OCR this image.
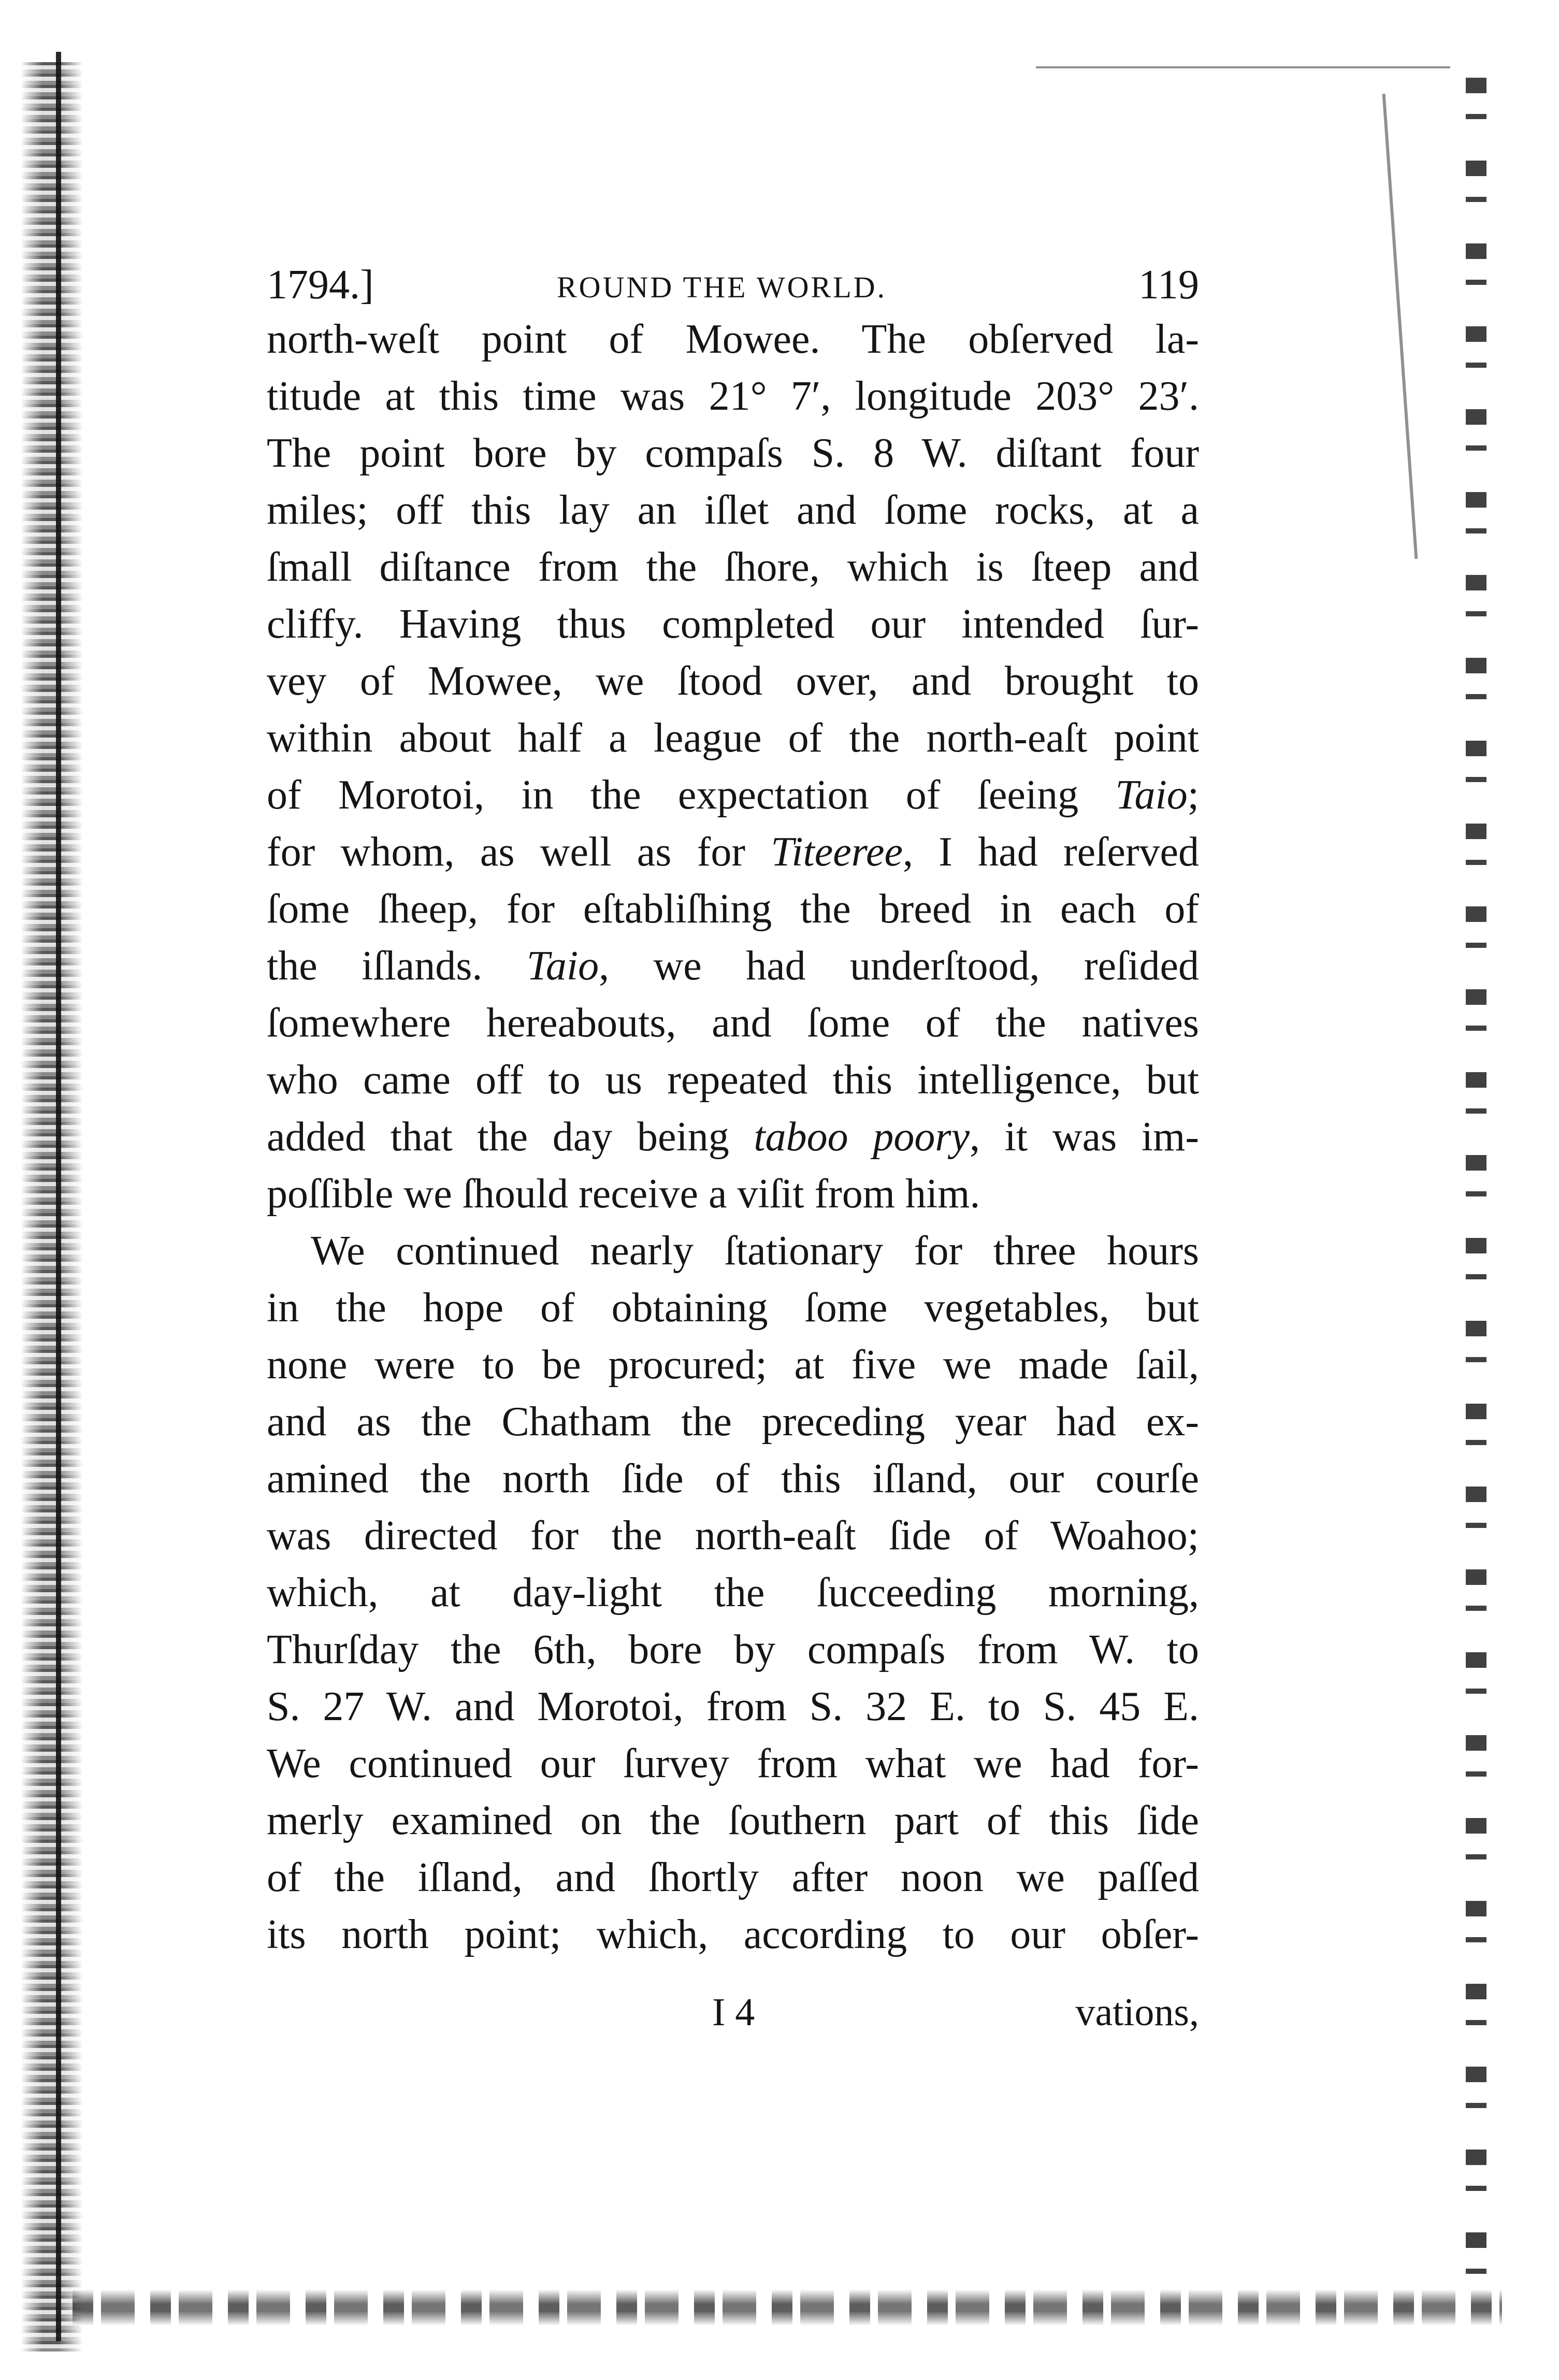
1794.]	ROUND THE WORLD.	119
north-weſt point of Mowee. The obſerved la-
titude at this time was 21° 7′, longitude 203° 23′.
The point bore by compaſs S. 8 W. diſtant four
miles; off this lay an iſlet and ſome rocks, at a
ſmall diſtance from the ſhore, which is ſteep and
cliffy. Having thus completed our intended ſur-
vey of Mowee, we ſtood over, and brought to
within about half a league of the north-eaſt point
of Morotoi, in the expectation of ſeeing Taio;
for whom, as well as for Titeeree, I had reſerved
ſome ſheep, for eſtabliſhing the breed in each of
the iſlands. Taio, we had underſtood, reſided
ſomewhere hereabouts, and ſome of the natives
who came off to us repeated this intelligence, but
added that the day being taboo poory, it was im-
poſſible we ſhould receive a viſit from him.
We continued nearly ſtationary for three hours
in the hope of obtaining ſome vegetables, but
none were to be procured; at five we made ſail,
and as the Chatham the preceding year had ex-
amined the north ſide of this iſland, our courſe
was directed for the north-eaſt ſide of Woahoo;
which, at day-light the ſucceeding morning,
Thurſday the 6th, bore by compaſs from W. to
S. 27 W. and Morotoi, from S. 32 E. to S. 45 E.
We continued our ſurvey from what we had for-
merly examined on the ſouthern part of this ſide
of the iſland, and ſhortly after noon we paſſed
its north point; which, according to our obſer-
I 4	vations,
